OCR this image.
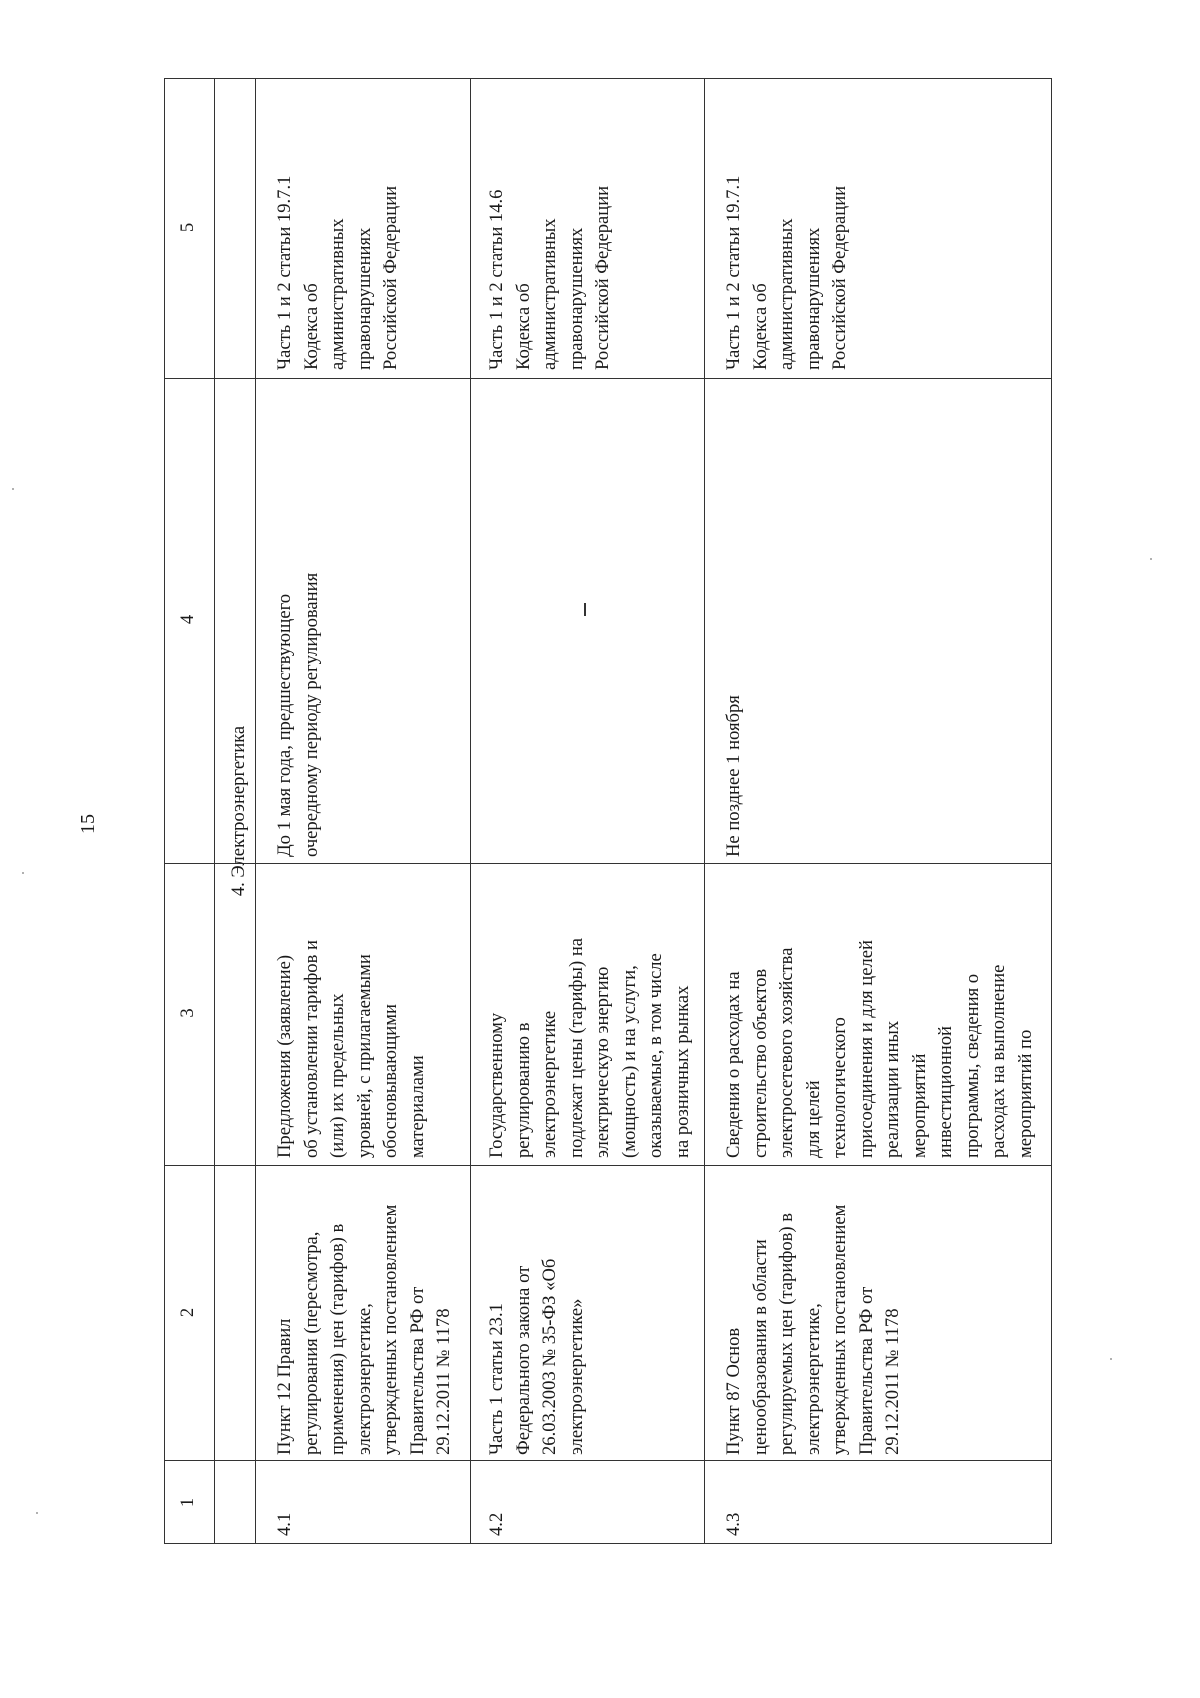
15
1
2
3
4
5
4. Электроэнергетика
4.1
Пункт 12 Правил
регулирования (пересмотра,
применения) цен (тарифов) в
электроэнергетике,
утвержденных постановлением
Правительства РФ от
29.12.2011 № 1178
Предложения (заявление)
об установлении тарифов и
(или) их предельных
уровней, с прилагаемыми
обосновывающими
материалами
До 1 мая года, предшествующего
очередному периоду регулирования
Часть 1 и 2 статьи 19.7.1
Кодекса об
административных
правонарушениях
Российской Федерации
4.2
Часть 1 статьи 23.1
Федерального закона от
26.03.2003 № 35-ФЗ «Об
электроэнергетике»
Государственному
регулированию в
электроэнергетике
подлежат цены (тарифы) на
электрическую энергию
(мощность) и на услуги,
оказываемые, в том числе
на розничных рынках
Часть 1 и 2 статьи 14.6
Кодекса об
административных
правонарушениях
Российской Федерации
4.3
Пункт 87 Основ
ценообразования в области
регулируемых цен (тарифов) в
электроэнергетике,
утвержденных постановлением
Правительства РФ от
29.12.2011 № 1178
Сведения о расходах на
строительство объектов
электросетевого хозяйства
для целей
технологического
присоединения и для целей
реализации иных
мероприятий
инвестиционной
программы, сведения о
расходах на выполнение
мероприятий по
Не позднее 1 ноября
Часть 1 и 2 статьи 19.7.1
Кодекса об
административных
правонарушениях
Российской Федерации
